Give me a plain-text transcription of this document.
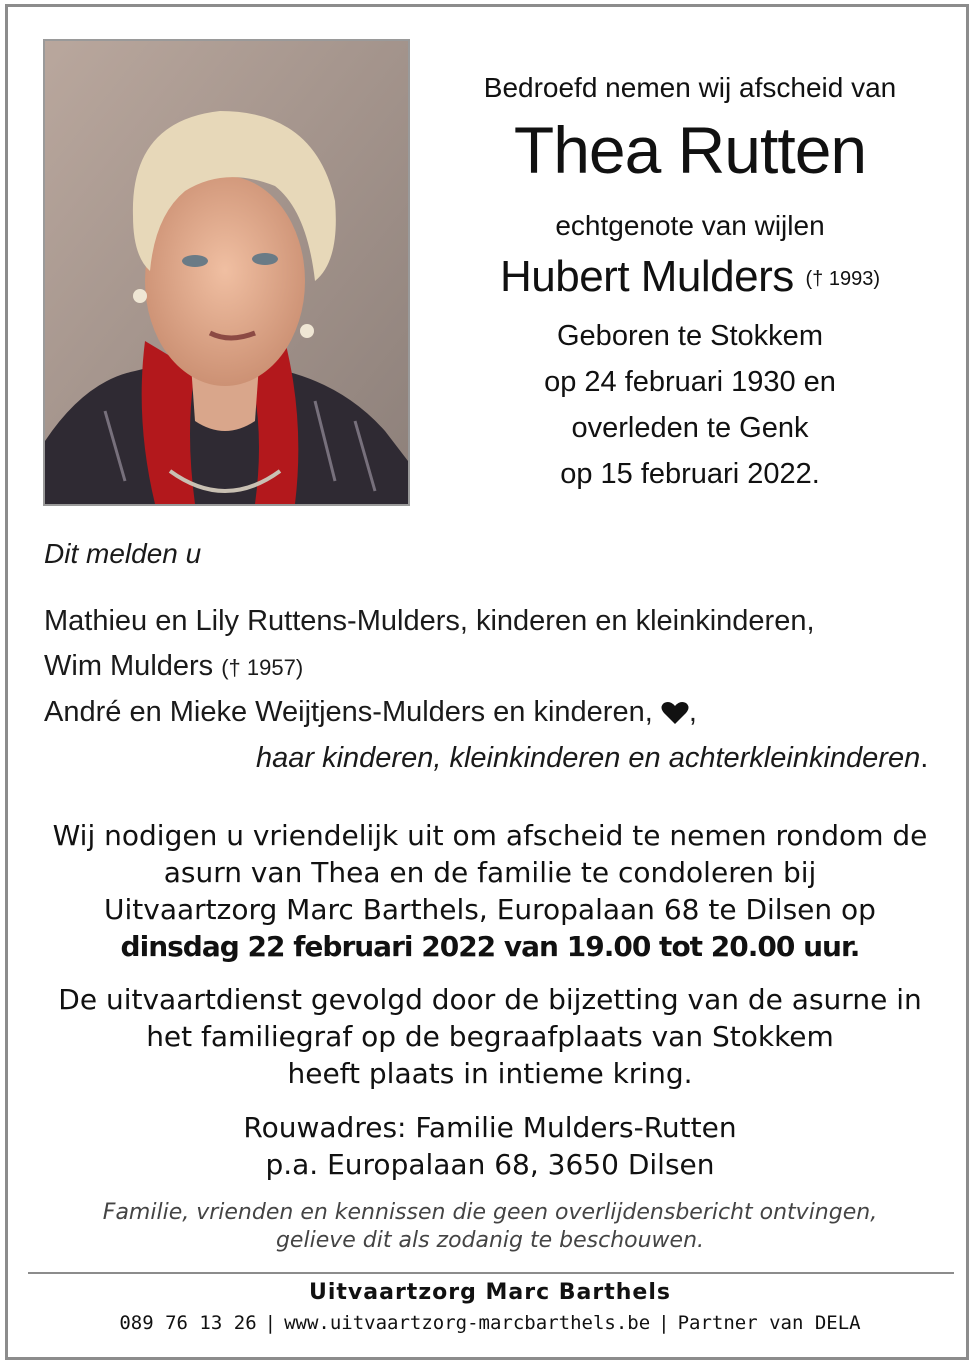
Bedroefd nemen wij afscheid van
Thea Rutten
echtgenote van wijlen
Hubert Mulders († 1993)
Geboren te Stokkem
op 24 februari 1930 en
overleden te Genk
op 15 februari 2022.
Dit melden u
Mathieu en Lily Ruttens-Mulders, kinderen en kleinkinderen,
Wim Mulders († 1957)
André en Mieke Weijtjens-Mulders en kinderen, ,
haar kinderen, kleinkinderen en achterkleinkinderen.
Wij nodigen u vriendelijk uit om afscheid te nemen rondom de
asurn van Thea en de familie te condoleren bij
Uitvaartzorg Marc Barthels, Europalaan 68 te Dilsen op
dinsdag 22 februari 2022 van 19.00 tot 20.00 uur.
De uitvaartdienst gevolgd door de bijzetting van de asurne in
het familiegraf op de begraafplaats van Stokkem
heeft plaats in intieme kring.
Rouwadres: Familie Mulders-Rutten
p.a. Europalaan 68, 3650 Dilsen
Familie, vrienden en kennissen die geen overlijdensbericht ontvingen,
gelieve dit als zodanig te beschouwen.
Uitvaartzorg Marc Barthels
089 76 13 26 | www.uitvaartzorg-marcbarthels.be | Partner van DELA
